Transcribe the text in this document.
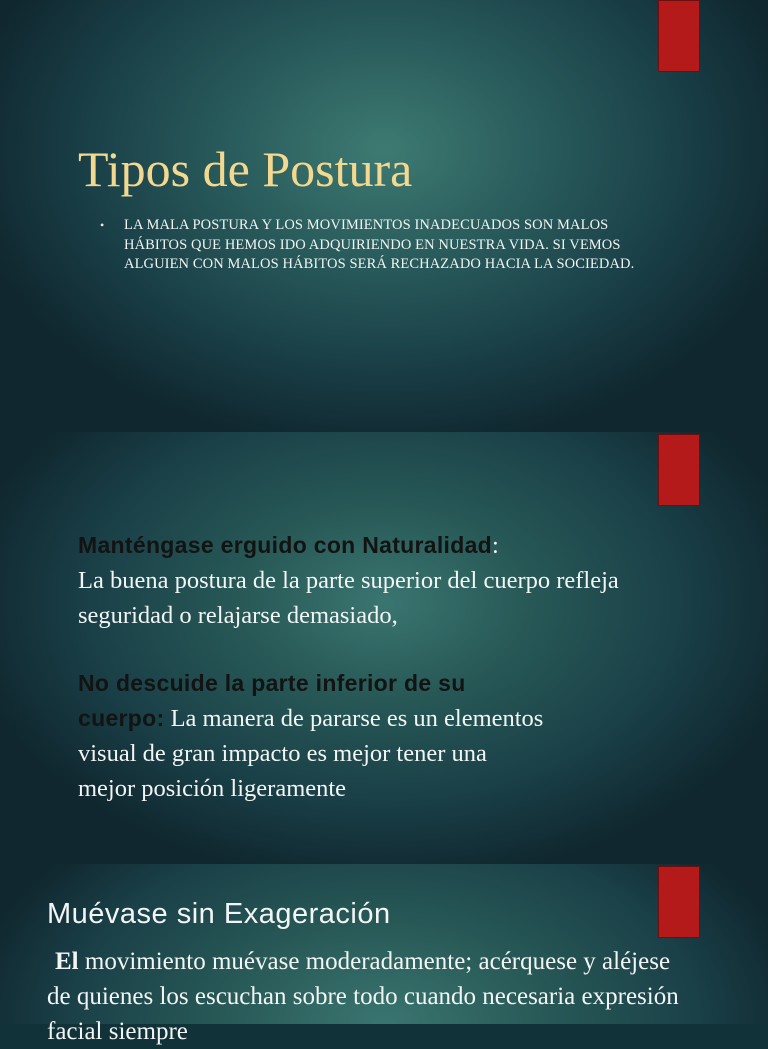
Tipos de Postura
•	LA MALA POSTURA Y LOS MOVIMIENTOS INADECUADOS SON MALOS HÁBITOS QUE HEMOS IDO ADQUIRIENDO EN NUESTRA VIDA. SI VEMOS ALGUIEN CON MALOS HÁBITOS SERÁ RECHAZADO HACIA LA SOCIEDAD.

Manténgase erguido con Naturalidad:
La buena postura de la parte superior del cuerpo refleja seguridad o relajarse demasiado,

No descuide la parte inferior de su cuerpo: La manera de pararse es un elementos visual de gran impacto es mejor tener una mejor posición ligeramente

Muévase sin Exageración

El movimiento muévase moderadamente; acérquese y aléjese de quienes los escuchan sobre todo cuando necesaria expresión facial siempre
